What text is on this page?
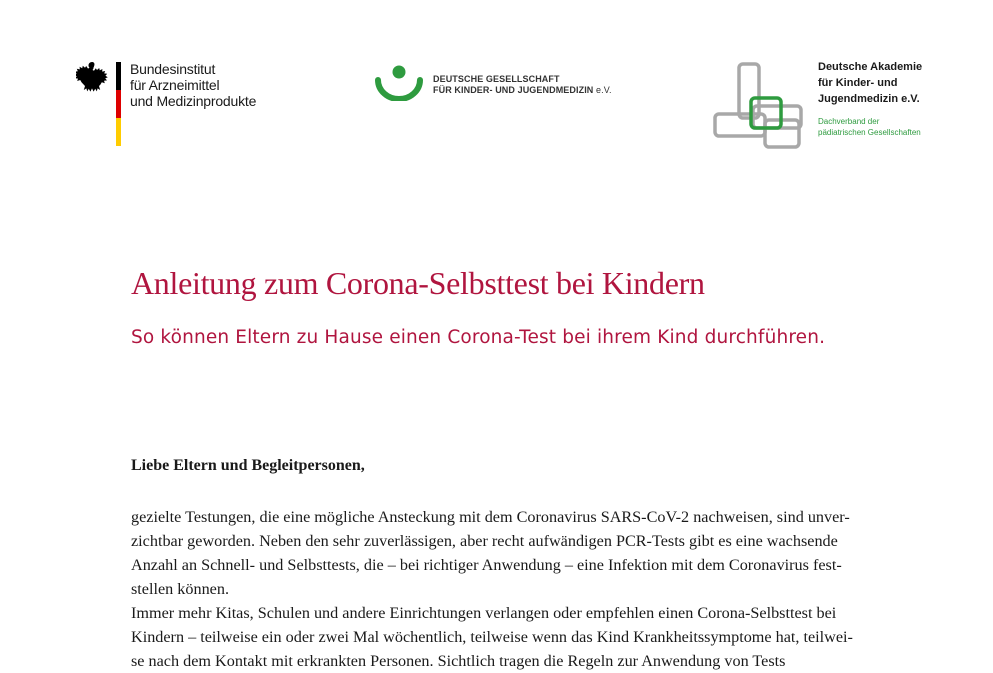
Bundesinstitut
für Arzneimittel
und Medizinprodukte
DEUTSCHE GESELLSCHAFT
FÜR KINDER- UND JUGENDMEDIZIN e.V.
Deutsche Akademie
für Kinder- und
Jugendmedizin e.V.
Dachverband der
pädiatrischen Gesellschaften
Anleitung zum Corona-Selbsttest bei Kindern
So können Eltern zu Hause einen Corona-Test bei ihrem Kind durchführen.
Liebe Eltern und Begleitpersonen,
gezielte Testungen, die eine mögliche Ansteckung mit dem Coronavirus SARS-CoV-2 nachweisen, sind unver-
zichtbar geworden. Neben den sehr zuverlässigen, aber recht aufwändigen PCR-Tests gibt es eine wachsende
Anzahl an Schnell- und Selbsttests, die – bei richtiger Anwendung – eine Infektion mit dem Coronavirus fest-
stellen können.
Immer mehr Kitas, Schulen und andere Einrichtungen verlangen oder empfehlen einen Corona-Selbsttest bei
Kindern – teilweise ein oder zwei Mal wöchentlich, teilweise wenn das Kind Krankheitssymptome hat, teilwei-
se nach dem Kontakt mit erkrankten Personen. Sichtlich tragen die Regeln zur Anwendung von Tests
